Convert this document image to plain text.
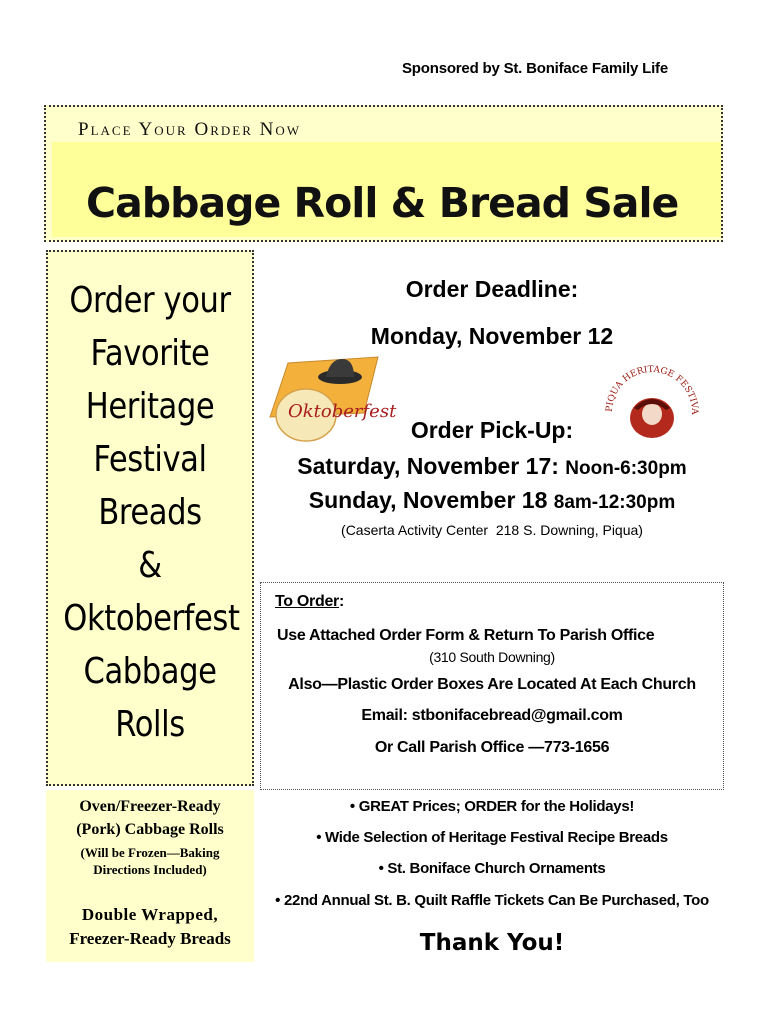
Sponsored by St. Boniface Family Life
Place Your Order Now
Cabbage Roll & Bread Sale
Order your
Favorite
Heritage
Festival
Breads
&
Oktoberfest
Cabbage
Rolls
Oven/Freezer-Ready
(Pork) Cabbage Rolls
(Will be Frozen—Baking
Directions Included)
Double Wrapped,
Freezer-Ready Breads
Order Deadline:
Monday, November 12
Oktoberfest	PIQUA HERITAGE FESTIVA
Order Pick-Up:
Saturday, November 17: Noon-6:30pm
Sunday, November 18 8am-12:30pm
(Caserta Activity Center  218 S. Downing, Piqua)
To Order:
Use Attached Order Form & Return To Parish Office
(310 South Downing)
Also—Plastic Order Boxes Are Located At Each Church
Email: stbonifacebread@gmail.com
Or Call Parish Office —773-1656
• GREAT Prices; ORDER for the Holidays!
• Wide Selection of Heritage Festival Recipe Breads
• St. Boniface Church Ornaments
• 22nd Annual St. B. Quilt Raffle Tickets Can Be Purchased, Too
Thank You!
